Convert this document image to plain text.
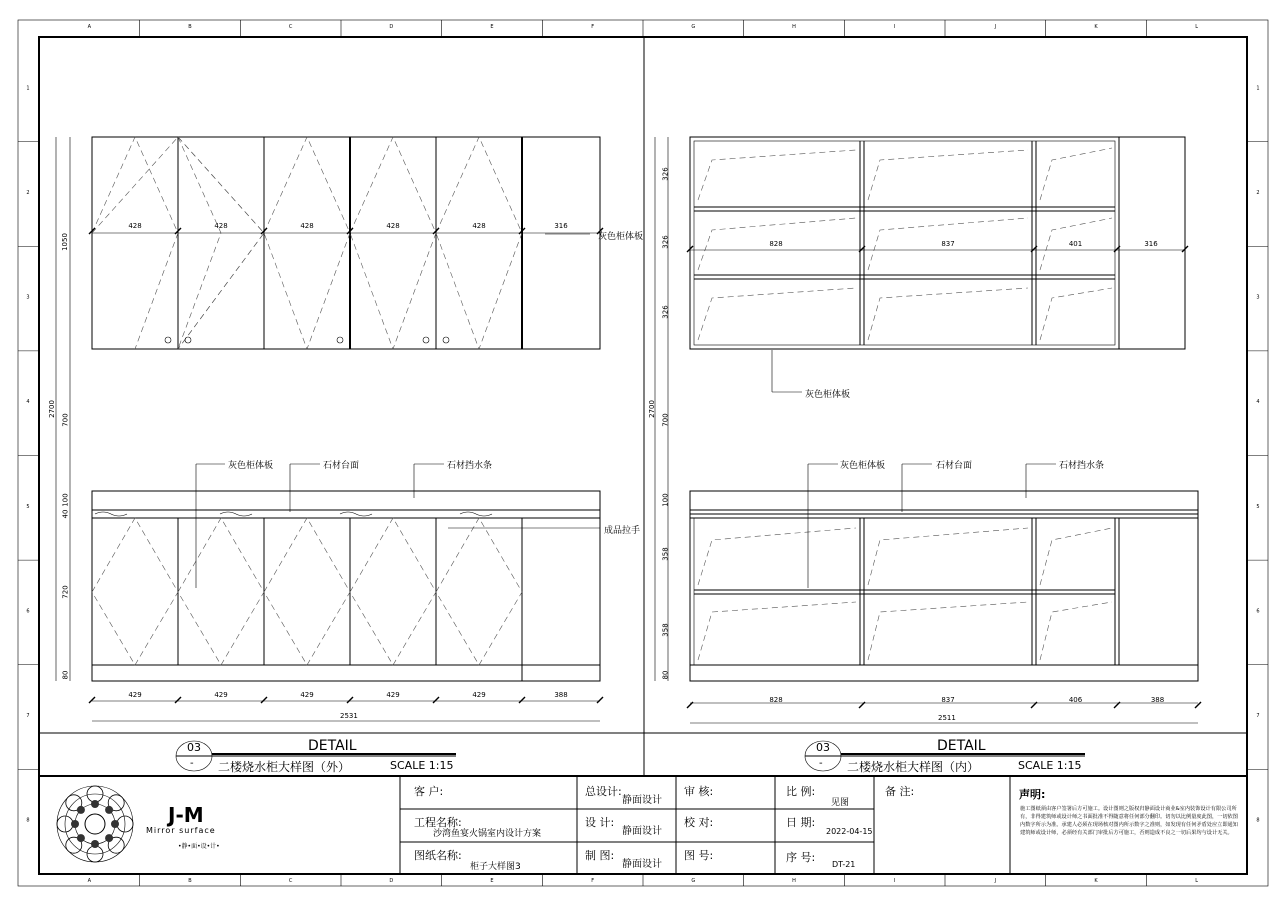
A
A
B
B
C
C
D
D
E
E
F
F
G
G
H
H
I
I
J
J
K
K
L
L
1	1
2	2
3	3
4	4
5	5
6	6
7	7
8	8
428	428	428	428	428	316
429	429	429	429	429	388
828	837	401	316
828	837	406	388
灰色柜体板
灰色柜体板	石材台面	石材挡水条
成品拉手
灰色柜体板
灰色柜体板	石材台面	石材挡水条
1050
2700
700
100
40
720
80
2531
326
326
326
2700
700
100
358
358
80
2511
03
-
DETAIL
二楼烧水柜大样图（外）	SCALE 1:15
03
-
DETAIL
二楼烧水柜大样图（内）	SCALE 1:15
J-M
Mirror surface
•静•面•设•计•
客 户:
工程名称:
沙湾鱼宴火锅室内设计方案
图纸名称:
柜子大样图3
总设计:
静面设计
设 计:
静面设计
制 图:
静面设计
审 核:
校 对:
图 号:
比 例:
见图
日 期:
2022-04-15
序 号:
DT-21
备 注:	声明:
施工图纸须由客户签署后方可施工。设计图则之版权归静面设计商业&室内装饰设计有限公司所有，非得建筑师或设计师之书面批准不得随意将任何部分翻印。切勿以比例量度此图，一切依图内数字所示为准。承建人必须在现场核对图内所示数字之准则，如发现有任何矛盾处应立即通知建筑师或设计师，必须经有关部门审批后方可施工，否则造成不良之一切后果均与设计无关。
